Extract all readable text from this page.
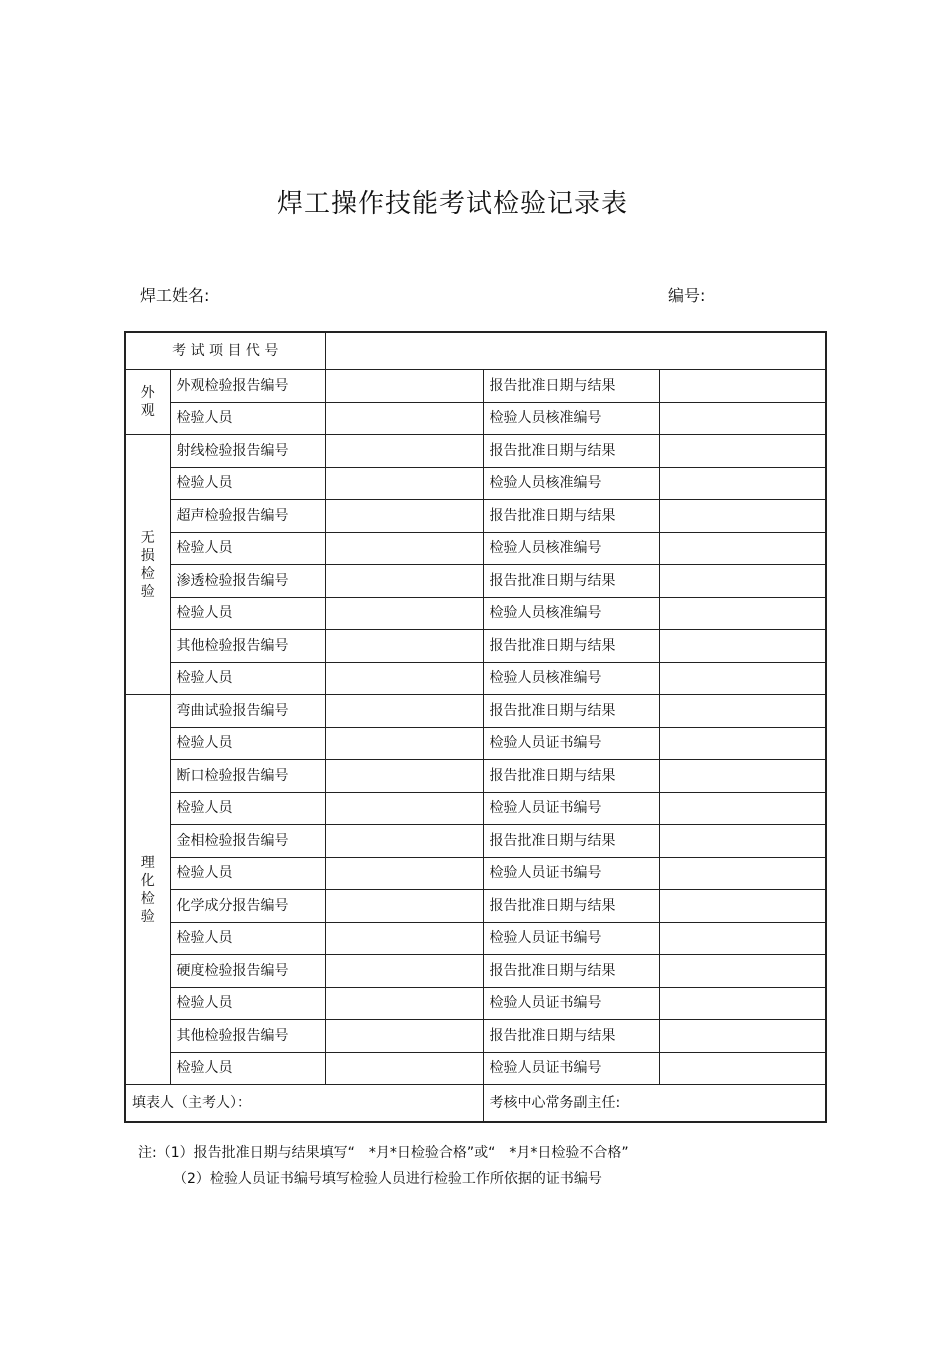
焊工操作技能考试检验记录表
焊工姓名:	编号:
考 试 项 目 代 号				
外观	外观检验报告编号		报告批准日期与结果	
	检验人员		检验人员核准编号	
无损检验	射线检验报告编号		报告批准日期与结果	
	检验人员		检验人员核准编号	
	超声检验报告编号		报告批准日期与结果	
	检验人员		检验人员核准编号	
	渗透检验报告编号		报告批准日期与结果	
	检验人员		检验人员核准编号	
	其他检验报告编号		报告批准日期与结果	
	检验人员		检验人员核准编号	
理化检验	弯曲试验报告编号		报告批准日期与结果	
	检验人员		检验人员证书编号	
	断口检验报告编号		报告批准日期与结果	
	检验人员		检验人员证书编号	
	金相检验报告编号		报告批准日期与结果	
	检验人员		检验人员证书编号	
	化学成分报告编号		报告批准日期与结果	
	检验人员		检验人员证书编号	
	硬度检验报告编号		报告批准日期与结果	
	检验人员		检验人员证书编号	
	其他检验报告编号		报告批准日期与结果	
	检验人员		检验人员证书编号	
填表人（主考人）：			考核中心常务副主任:	
注:（1）报告批准日期与结果填写“　*月*日检验合格”或“　*月*日检验不合格”
（2）检验人员证书编号填写检验人员进行检验工作所依据的证书编号
